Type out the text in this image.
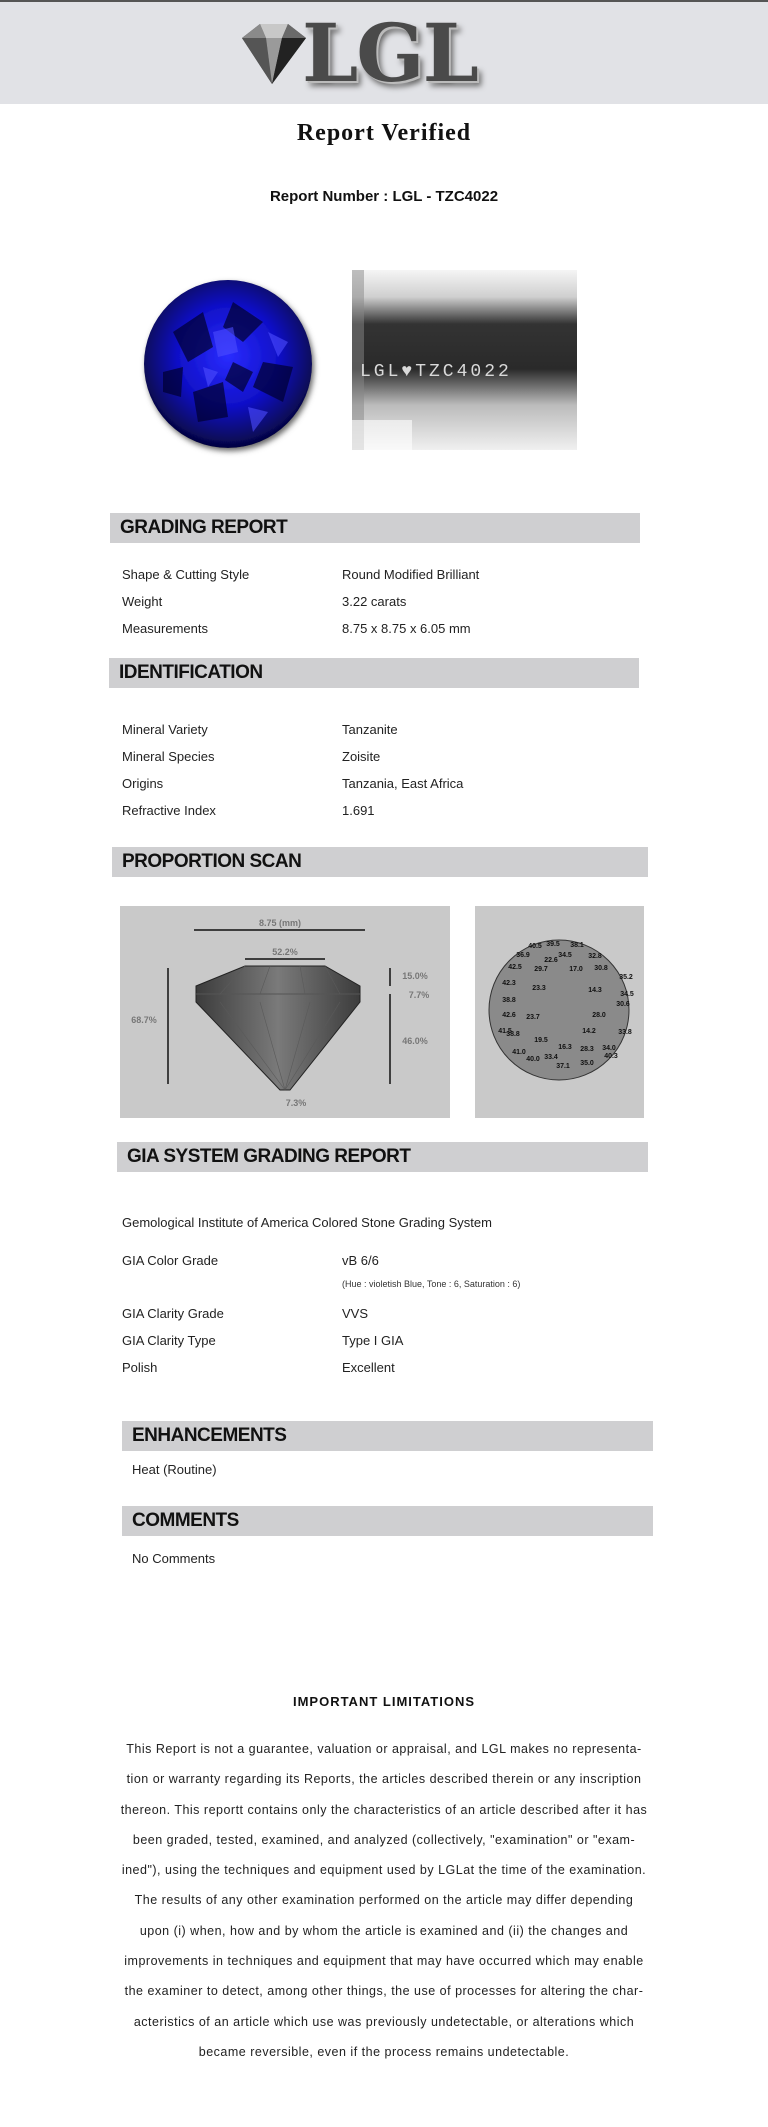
LGL
Report Verified
Report Number : LGL - TZC4022
LGL♥TZC4022
GRADING REPORT
Shape & Cutting Style	Round Modified Brilliant
Weight	3.22 carats
Measurements	8.75 x 8.75 x 6.05 mm
IDENTIFICATION
Mineral Variety	Tanzanite
Mineral Species	Zoisite
Origins	Tanzania, East Africa
Refractive Index	1.691
PROPORTION SCAN
8.75 (mm)
52.2%
68.7%
15.0%
7.7%
46.0%
7.3%
40.5 39.5 38.1
36.9	34.5
22.6
32.8
42.5 29.7	17.0 30.8
35.2
42.3
23.3	14.3
34.5
38.8
30.6
42.6 23.7	28.0
41.5	14.2	33.8
38.8
19.5
16.3 28.3 34.0
41.0
40.0 33.4	40.3
37.1 35.0
GIA SYSTEM GRADING REPORT
Gemological Institute of America Colored Stone Grading System
GIA Color Grade	vB 6/6
(Hue : violetish Blue, Tone : 6, Saturation : 6)
GIA Clarity Grade	VVS
GIA Clarity Type	Type I GIA
Polish	Excellent
ENHANCEMENTS
Heat (Routine)
COMMENTS
No Comments
IMPORTANT LIMITATIONS

This Report is not a guarantee, valuation or appraisal, and LGL makes no representa-

tion or warranty regarding its Reports, the articles described therein or any inscription

thereon. This reportt contains only the characteristics of an article described after it has

been graded, tested, examined, and analyzed (collectively, "examination" or "exam-

ined"), using the techniques and equipment used by LGLat the time of the examination.

The results of any other examination performed on the article may differ depending

upon (i) when, how and by whom the article is examined and (ii) the changes and

improvements in techniques and equipment that may have occurred which may enable

the examiner to detect, among other things, the use of processes for altering the char-

acteristics of an article which use was previously undetectable, or alterations which

became reversible, even if the process remains undetectable.
